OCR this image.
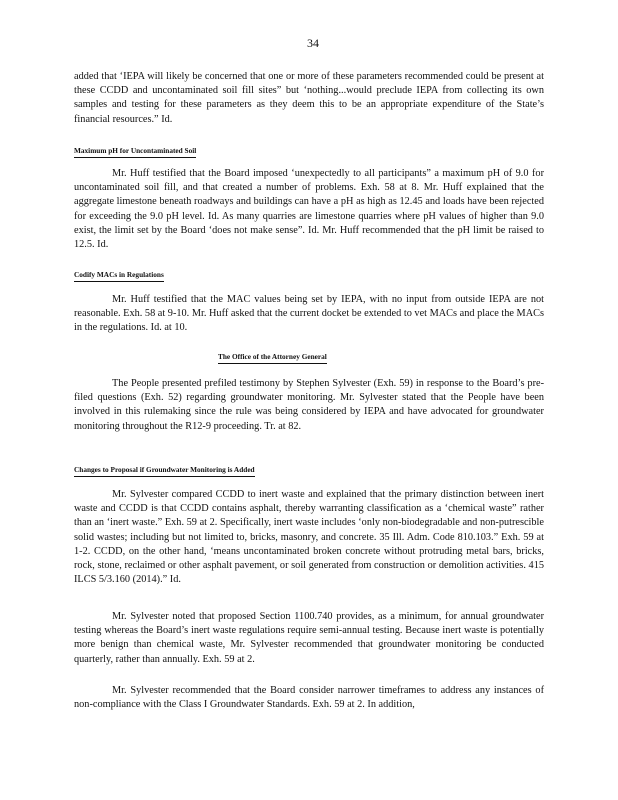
34
added that ‘IEPA will likely be concerned that one or more of these parameters recommended could be present at these CCDD and uncontaminated soil fill sites” but ‘nothing...would preclude IEPA from collecting its own samples and testing for these parameters as they deem this to be an appropriate expenditure of the State’s financial resources.” Id.
Maximum pH for Uncontaminated Soil
Mr. Huff testified that the Board imposed ‘unexpectedly to all participants” a maximum pH of 9.0 for uncontaminated soil fill, and that created a number of problems. Exh. 58 at 8. Mr. Huff explained that the aggregate limestone beneath roadways and buildings can have a pH as high as 12.45 and loads have been rejected for exceeding the 9.0 pH level. Id. As many quarries are limestone quarries where pH values of higher than 9.0 exist, the limit set by the Board ‘does not make sense”. Id. Mr. Huff recommended that the pH limit be raised to 12.5. Id.
Codify MACs in Regulations
Mr. Huff testified that the MAC values being set by IEPA, with no input from outside IEPA are not reasonable. Exh. 58 at 9-10. Mr. Huff asked that the current docket be extended to vet MACs and place the MACs in the regulations. Id. at 10.
The Office of the Attorney General
The People presented prefiled testimony by Stephen Sylvester (Exh. 59) in response to the Board’s pre-filed questions (Exh. 52) regarding groundwater monitoring. Mr. Sylvester stated that the People have been involved in this rulemaking since the rule was being considered by IEPA and have advocated for groundwater monitoring throughout the R12-9 proceeding. Tr. at 82.
Changes to Proposal if Groundwater Monitoring is Added
Mr. Sylvester compared CCDD to inert waste and explained that the primary distinction between inert waste and CCDD is that CCDD contains asphalt, thereby warranting classification as a ‘chemical waste” rather than an ‘inert waste.” Exh. 59 at 2. Specifically, inert waste includes ‘only non-biodegradable and non-putrescible solid wastes; including but not limited to, bricks, masonry, and concrete. 35 Ill. Adm. Code 810.103.” Exh. 59 at 1-2. CCDD, on the other hand, ‘means uncontaminated broken concrete without protruding metal bars, bricks, rock, stone, reclaimed or other asphalt pavement, or soil generated from construction or demolition activities. 415 ILCS 5/3.160 (2014).” Id.
Mr. Sylvester noted that proposed Section 1100.740 provides, as a minimum, for annual groundwater testing whereas the Board’s inert waste regulations require semi-annual testing. Because inert waste is potentially more benign than chemical waste, Mr. Sylvester recommended that groundwater monitoring be conducted quarterly, rather than annually. Exh. 59 at 2.
Mr. Sylvester recommended that the Board consider narrower timeframes to address any instances of non-compliance with the Class I Groundwater Standards. Exh. 59 at 2. In addition,
